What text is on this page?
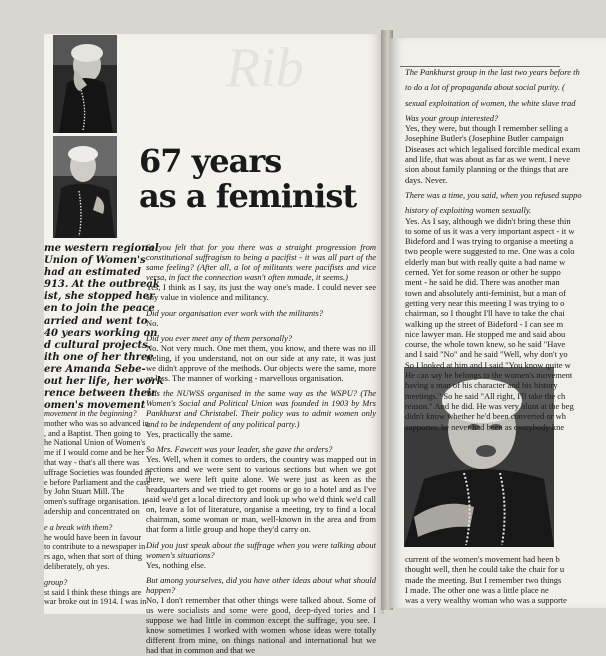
Rib
67 years
as a feminist

me western regional

Union of Women's

had an estimated

913. At the outbreak

ist, she stopped her

en to join the peace

arried and went to

40 years working on

d cultural projects.

ith one of her three

ere Amanda Sebe-

out her life, her work

rence between their

omen's movement

movement in the beginning?

mother who was so advanced in

, and a Baptist. Then going to

he National Union of Women's

me if I would come and be her

that way - that's all there was

uffrage Societies was founded in

e before Parliament and the case

by John Stuart Mill. The

omen's suffrage organisation. It

adership and concentrated on

e a break with them?

he would have been in favour

to contribute to a newspaper in

rs ago, when that sort of thing

deliberately, oh yes.

group?

st said I think these things are

war broke out in 1914. I was in

So you felt that for you there was a straight progression from constitutional suffragism to being a pacifist - it was all part of the same feeling? (After all, a lot of militants were pacifists and vice versa, in fact the connection wasn't often mmade, it seems.)

Yes, I think as I say, its just the way one's made. I could never see any value in violence and militancy.

Did your organisation ever work with the militants?

No.

Did you ever meet any of them personally?

No. Not very much. One met them, you know, and there was no ill feeling, if you understand, not on our side at any rate, it was just we didn't approve of the methods. Our objects were the same, more or less. The manner of working - marvellous organisation.

Was the NUWSS organised in the same way as the WSPU? (The Women's Social and Political Union was founded in 1903 by Mrs Pankhurst and Christabel. Their policy was to admit women only and to be independent of any political party.)

Yes, practically the same.

So Mrs. Fawcett was your leader, she gave the orders?

Yes. Well, when it comes to orders, the country was mapped out in sections and we were sent to various sections but when we got there, we were left quite alone. We were just as keen as the headquarters and we tried to get rooms or go to a hotel and as I've said we'd get a local directory and look up who we'd think we'd call on, leave a lot of literature, organise a meeting, try to find a local chairman, some woman or man, well-known in the area and from that form a little group and hope they'd carry on.

Did you just speak about the suffrage when you were talking about women's situations?

Yes, nothing else.

But among yourselves, did you have other ideas about what should happen?

No, I don't remember that other things were talked about. Some of us were socialists and some were good, deep-dyed tories and I suppose we had little in common except the suffrage, you see. I know sometimes I worked with women whose ideas were totally different from mine, on things national and international but we had that in common and that we

The Pankhurst group in the last two years before th

to do a lot of propaganda about social purity. (

sexual exploitation of women, the white slave trad

Was your group interested?

Yes, they were, but though I remember selling a

Josephine Butler's (Josephine Butler campaign

Diseases act which legalised forcible medical exam

and life, that was about as far as we went. I neve

sion about family planning or the things that are

days. Never.

There was a time, you said, when you refused suppo

history of exploiting women sexually.

Yes. As I say, although we didn't bring these thin

to some of us it was a very important aspect - it w

Bideford and I was trying to organise a meeting a

two people were suggested to me. One was a colo

elderly man but with really quite a bad name w

cerned. Yet for some reason or other he suppo

ment - he said he did. There was another man

town and absolutely anti-feminist, but a man of

getting very near this meeting I was trying to o

chairman, so I thought I'll have to take the chai

walking up the street of Bideford - I can see m

nice lawyer man. He stopped me and said abou

course, the whole town knew, so he said "Have

and I said "No" and he said "Well, why don't yo

So I looked at him and I said "You know quite w

He can say he belongs to the women's movement

having a man of his character and his history

meetings." So he said "All right, I'll take the ch

reason." And he did. He was very blunt at the beg

didn't know whether he'd been converted or wh

supporter, he never had been as everybody kne

current of the women's movement had been b

thought well, then he could take the chair for u

made the meeting. But I remember two things

I made. The other one was a little place ne

was a very wealthy woman who was a supporte
